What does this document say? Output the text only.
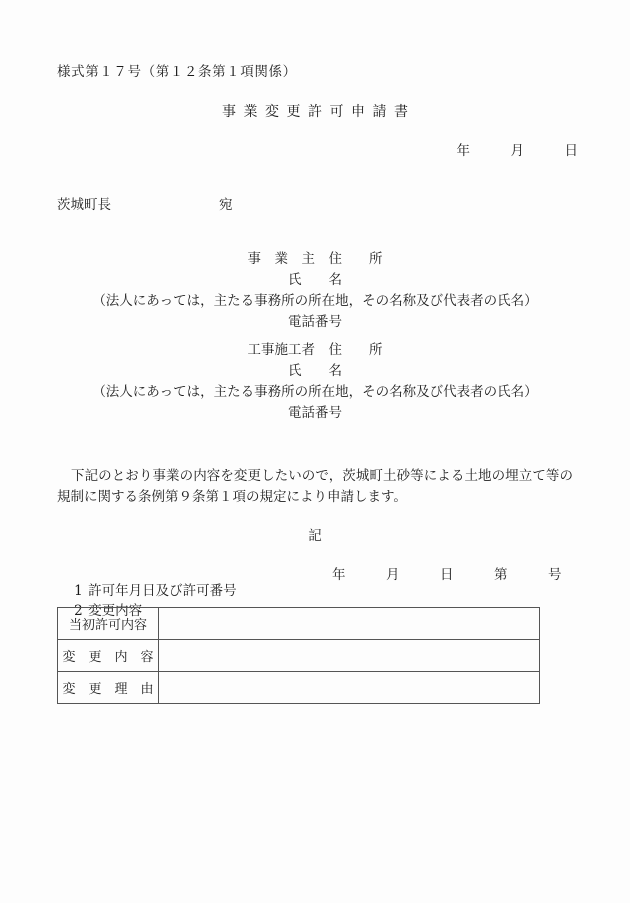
様式第１７号（第１２条第１項関係）
事業変更許可申請書
年　　　月　　　日
茨城町長　　　　　　　　宛
事　業　主　住　　所
氏　　名
（法人にあっては，主たる事務所の所在地，その名称及び代表者の氏名）
電話番号
工事施工者　住　　所
氏　　名
（法人にあっては，主たる事務所の所在地，その名称及び代表者の氏名）
電話番号
下記のとおり事業の内容を変更したいので，茨城町土砂等による土地の埋立て等の規制に関する条例第９条第１項の規定により申請します。
記

1 許可年月日及び許可番号

年　　　月　　　日　　　第　　　号

2 変更内容

当初許可内容	
変　更　内　容	
変　更　理　由	
